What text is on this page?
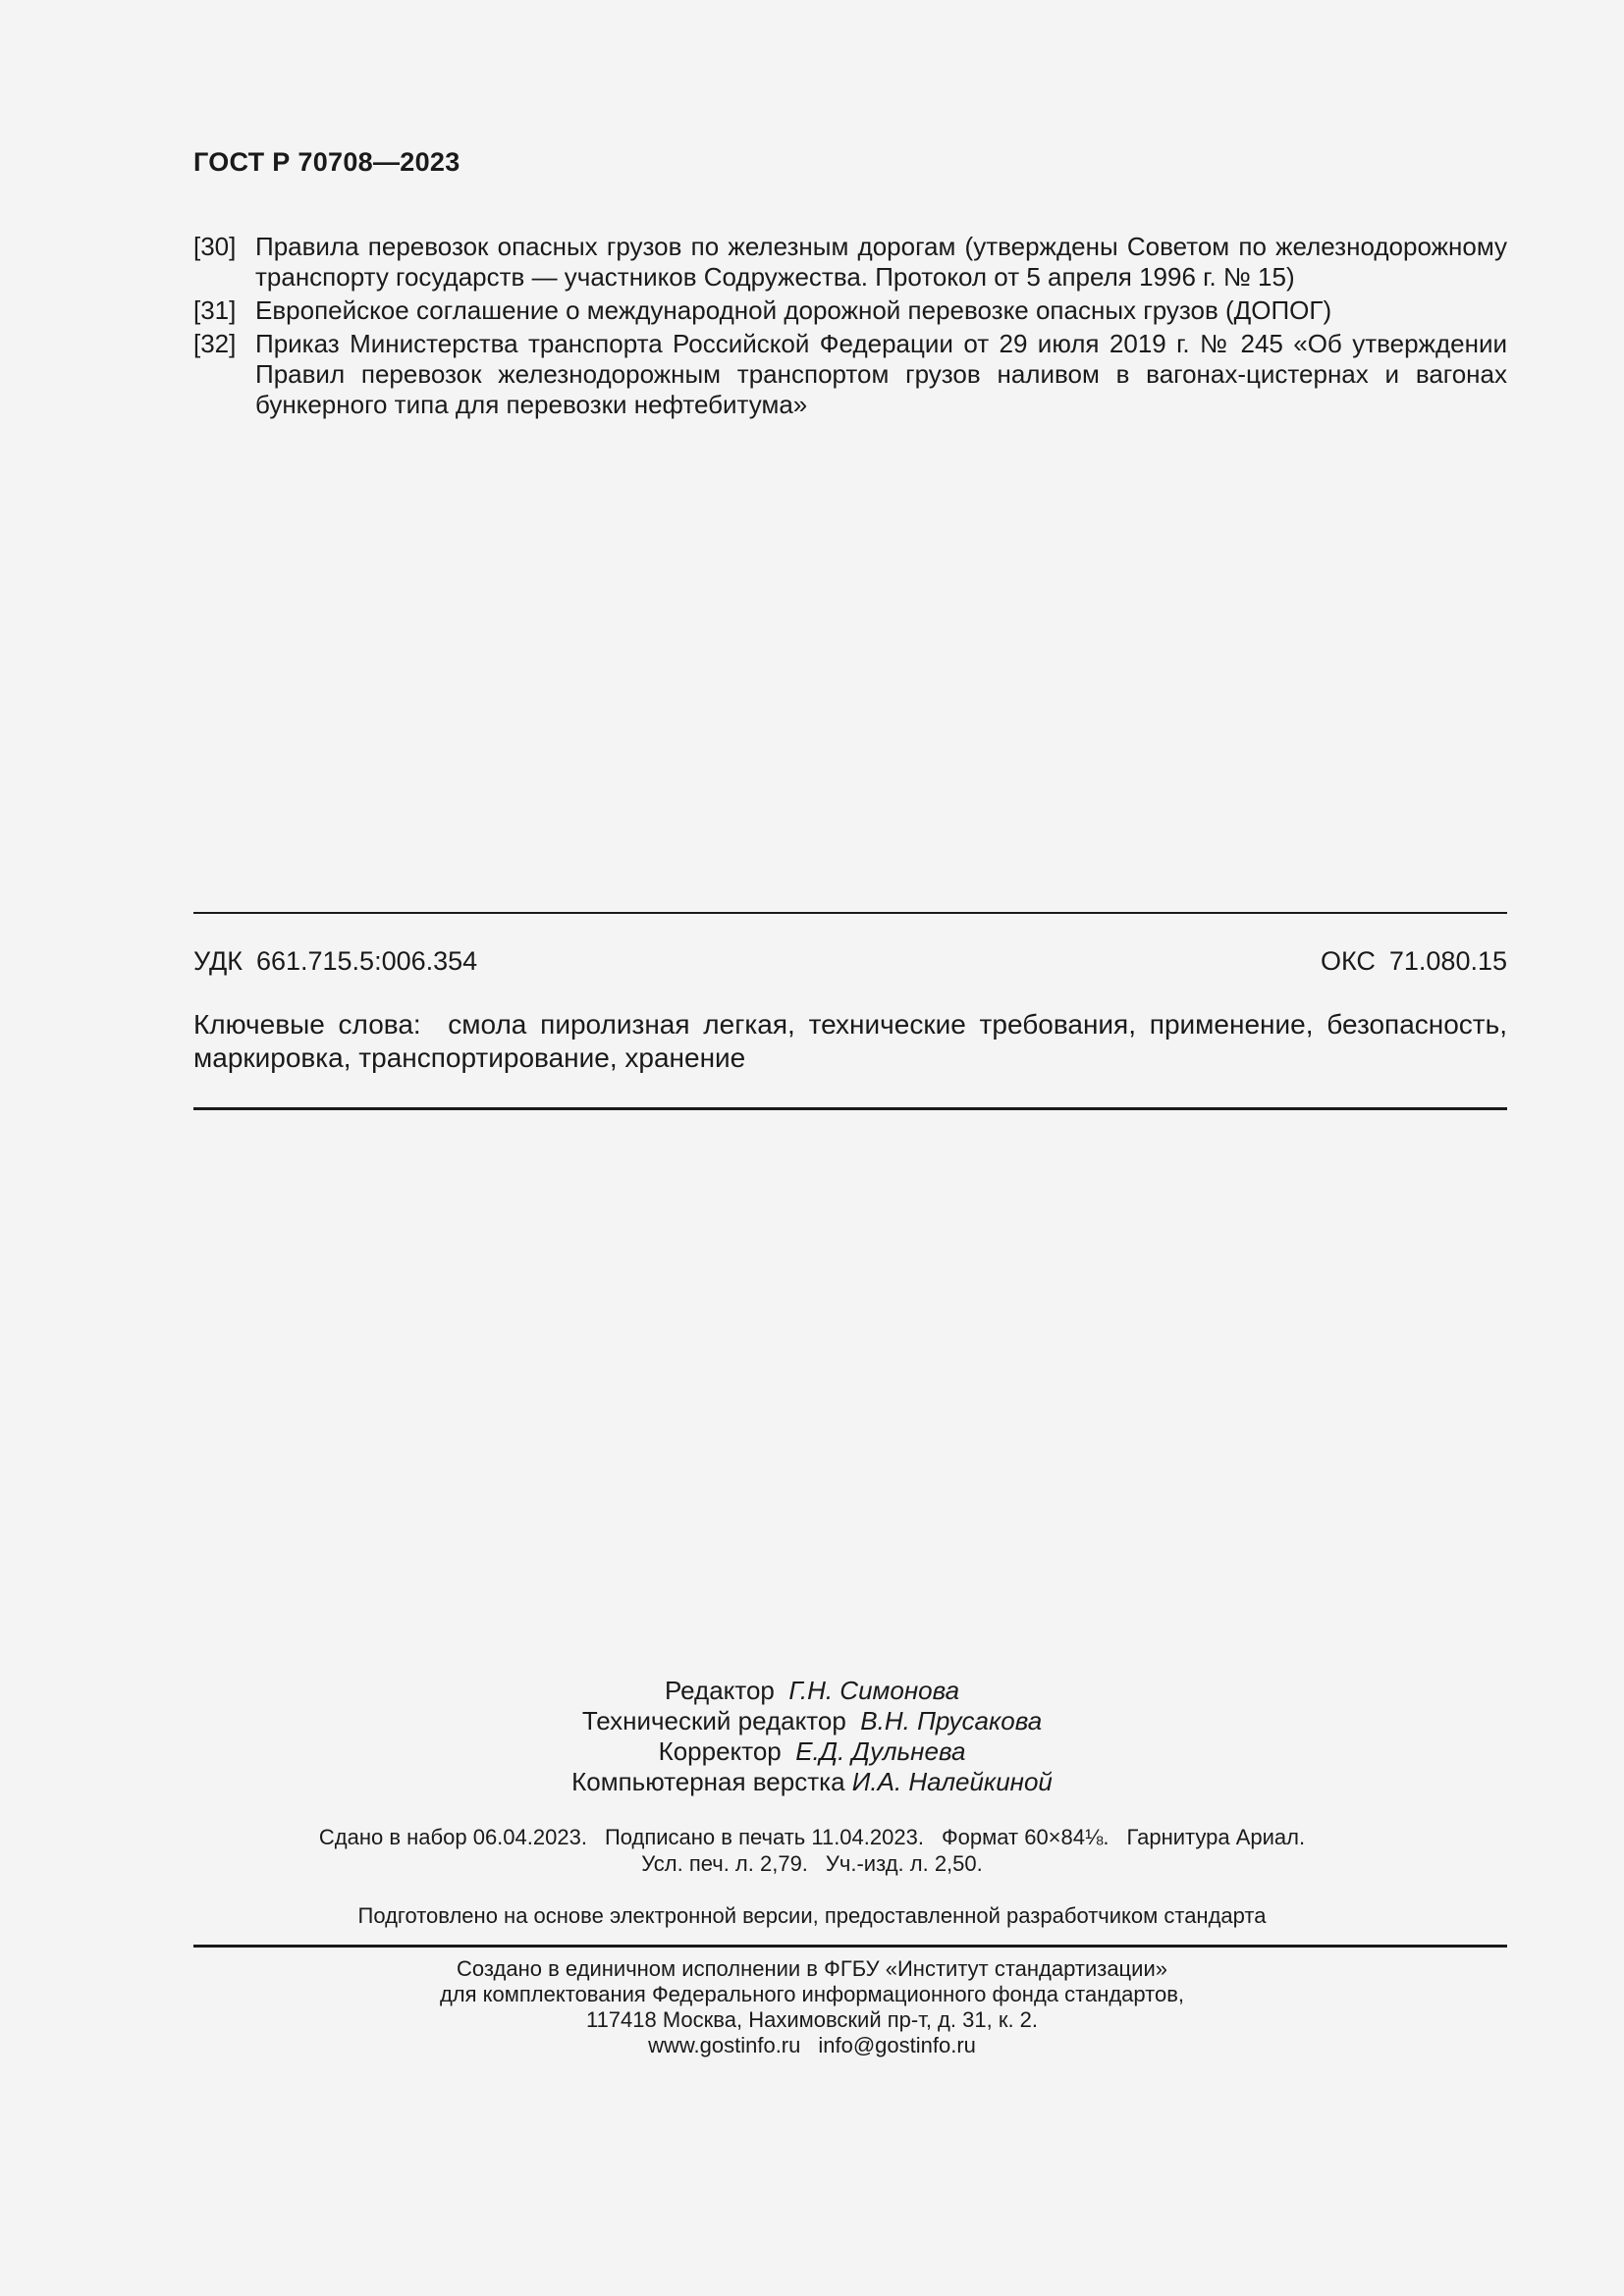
ГОСТ Р 70708—2023
[30] Правила перевозок опасных грузов по железным дорогам (утверждены Советом по железнодорожному транспорту государств — участников Содружества. Протокол от 5 апреля 1996 г. № 15)
[31] Европейское соглашение о международной дорожной перевозке опасных грузов (ДОПОГ)
[32] Приказ Министерства транспорта Российской Федерации от 29 июля 2019 г. № 245 «Об утверждении Правил перевозок железнодорожным транспортом грузов наливом в вагонах-цистернах и вагонах бункерного типа для перевозки нефтебитума»
УДК 661.715.5:006.354	ОКС 71.080.15
Ключевые слова: смола пиролизная легкая, технические требования, применение, безопасность, маркировка, транспортирование, хранение
Редактор Г.Н. Симонова
Технический редактор В.Н. Прусакова
Корректор Е.Д. Дульнева
Компьютерная верстка И.А. Налейкиной
Сдано в набор 06.04.2023. Подписано в печать 11.04.2023. Формат 60×84⅛. Гарнитура Ариал.
Усл. печ. л. 2,79. Уч.-изд. л. 2,50.
Подготовлено на основе электронной версии, предоставленной разработчиком стандарта
Создано в единичном исполнении в ФГБУ «Институт стандартизации»
для комплектования Федерального информационного фонда стандартов,
117418 Москва, Нахимовский пр-т, д. 31, к. 2.
www.gostinfo.ru info@gostinfo.ru
